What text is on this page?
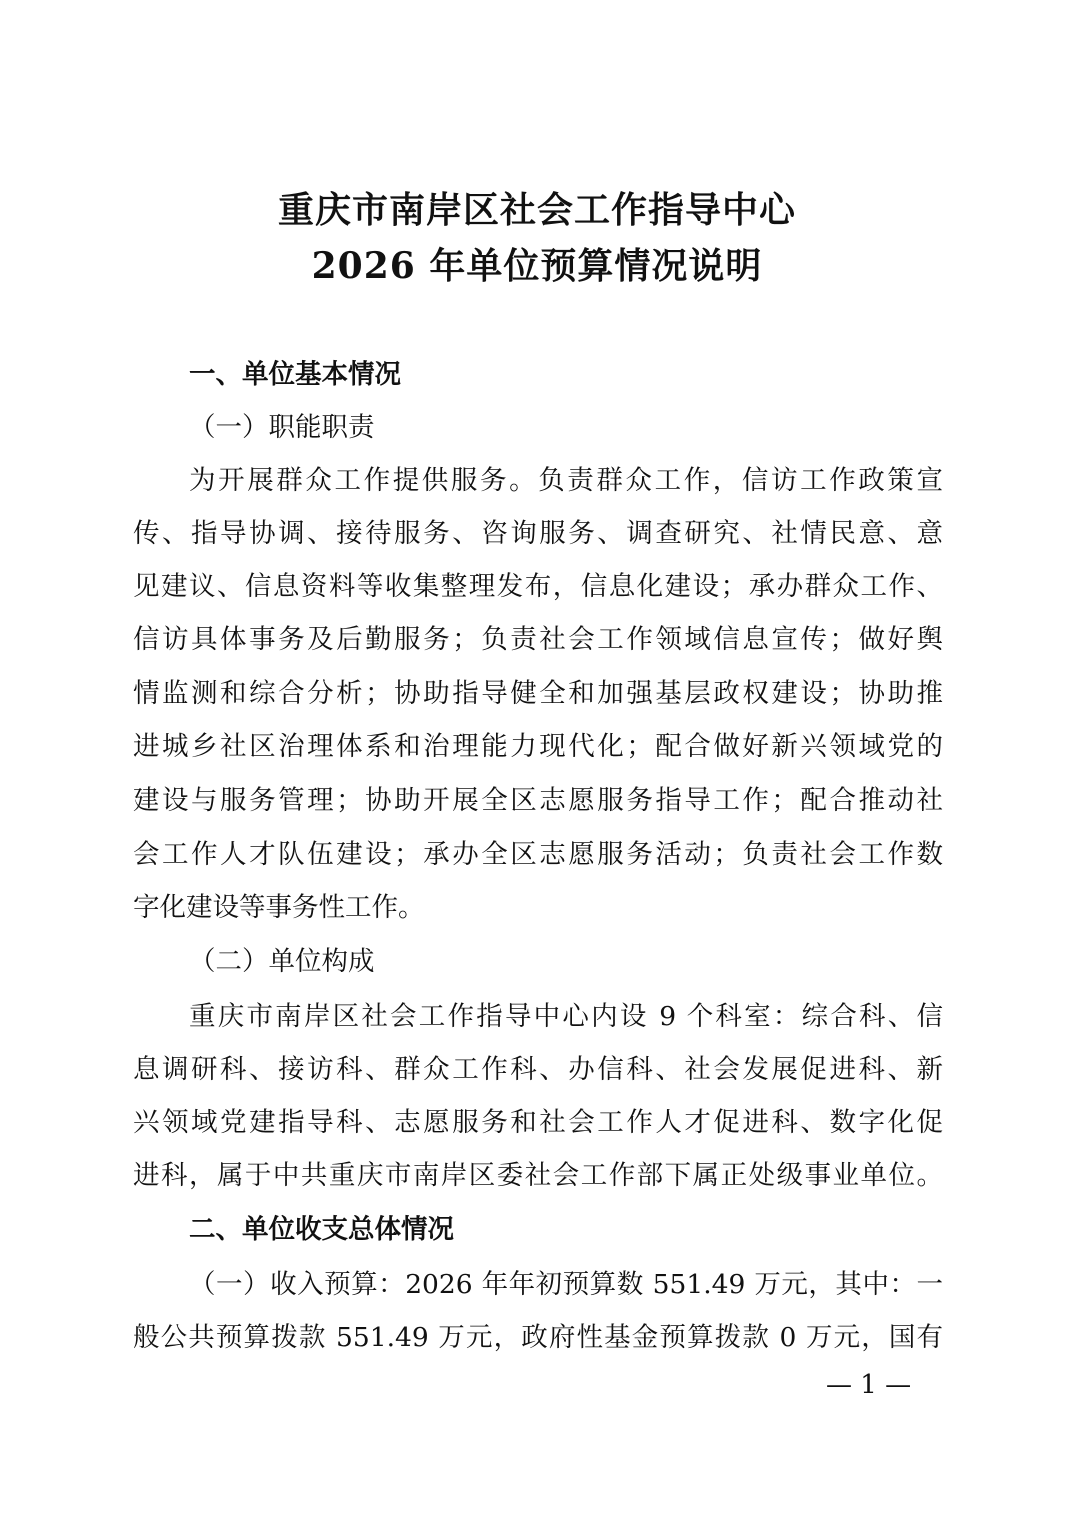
重庆市南岸区社会工作指导中心
2026 年单位预算情况说明
一、单位基本情况
（一）职能职责
为开展群众工作提供服务。负责群众工作，信访工作政策宣
传、指导协调、接待服务、咨询服务、调查研究、社情民意、意
见建议、信息资料等收集整理发布，信息化建设；承办群众工作、
信访具体事务及后勤服务；负责社会工作领域信息宣传；做好舆
情监测和综合分析；协助指导健全和加强基层政权建设；协助推
进城乡社区治理体系和治理能力现代化；配合做好新兴领域党的
建设与服务管理；协助开展全区志愿服务指导工作；配合推动社
会工作人才队伍建设；承办全区志愿服务活动；负责社会工作数
字化建设等事务性工作。
（二）单位构成
重庆市南岸区社会工作指导中心内设 9 个科室：综合科、信
息调研科、接访科、群众工作科、办信科、社会发展促进科、新
兴领域党建指导科、志愿服务和社会工作人才促进科、数字化促
进科，属于中共重庆市南岸区委社会工作部下属正处级事业单位。
二、单位收支总体情况
（一）收入预算：2026 年年初预算数 551.49 万元，其中：一
般公共预算拨款 551.49 万元，政府性基金预算拨款 0 万元，国有
— 1 —
